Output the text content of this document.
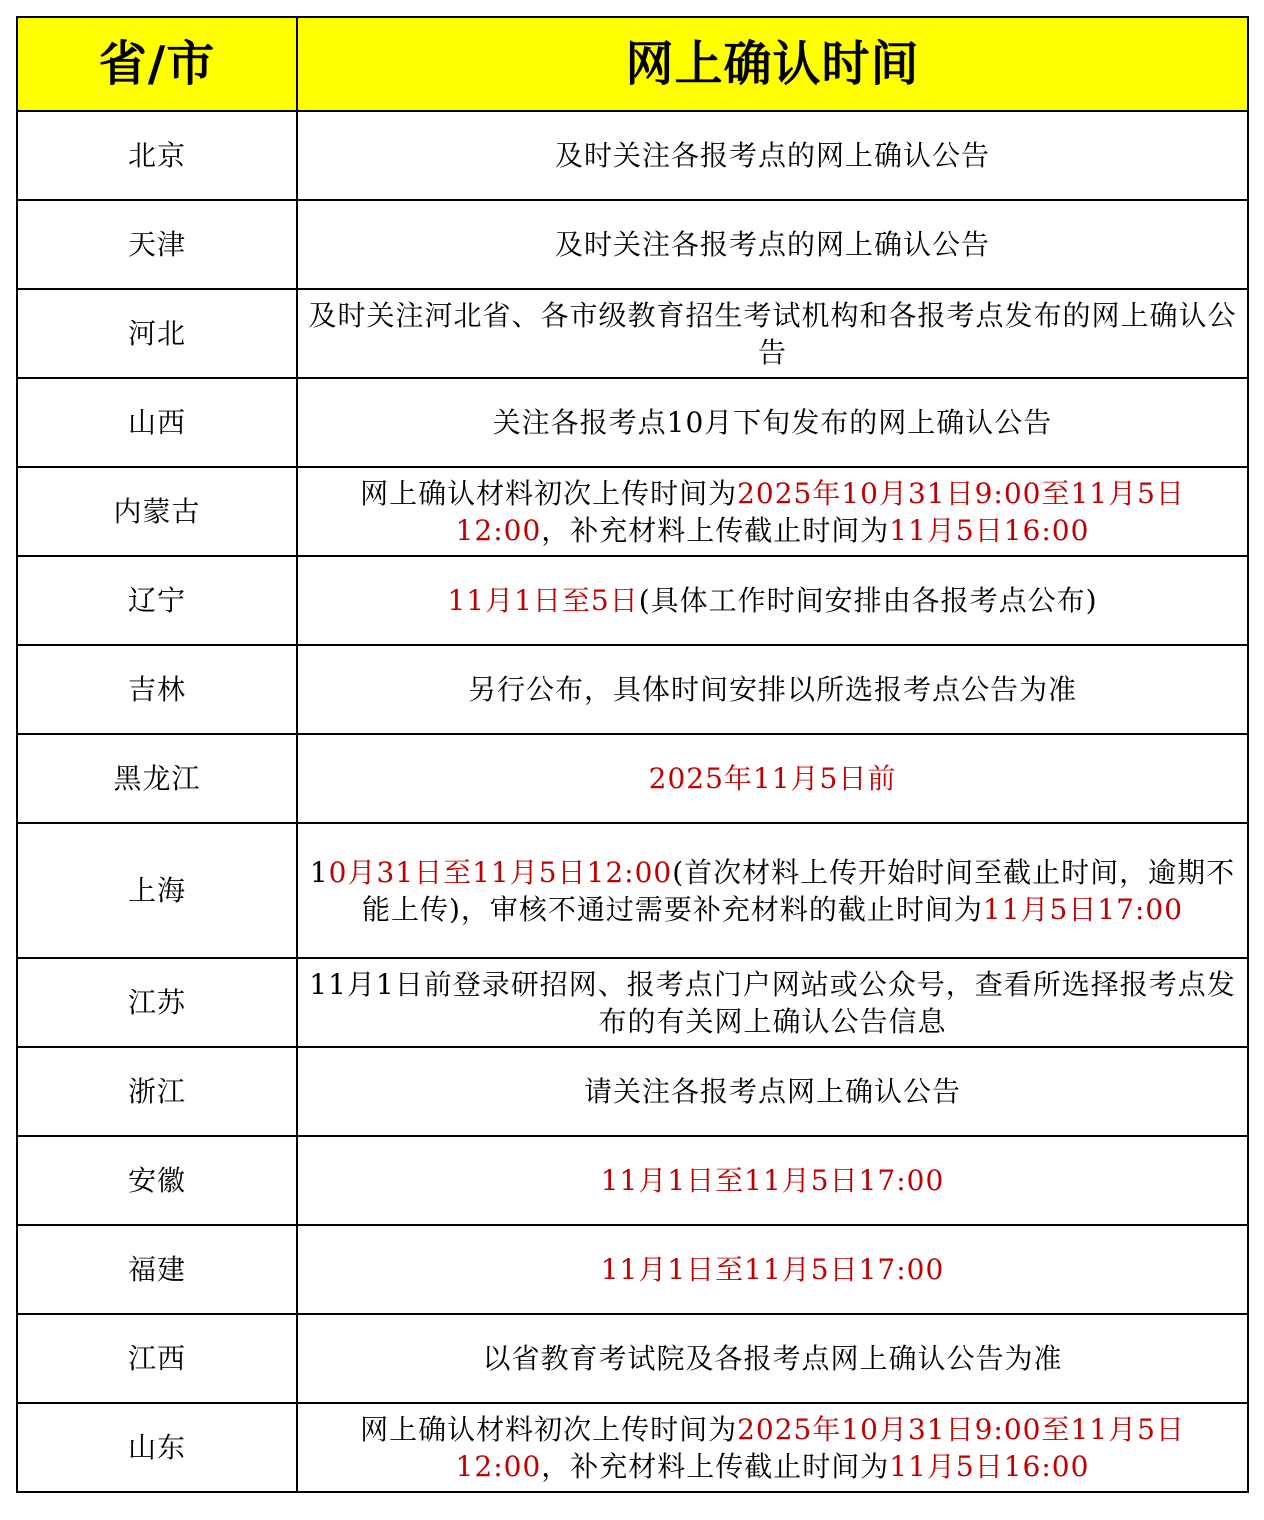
省/市	网上确认时间
北京	及时关注各报考点的网上确认公告
天津	及时关注各报考点的网上确认公告
河北	及时关注河北省、各市级教育招生考试机构和各报考点发布的网上确认公告
山西	关注各报考点10月下旬发布的网上确认公告
内蒙古	网上确认材料初次上传时间为2025年10月31日9:00至11月5日12:00，补充材料上传截止时间为11月5日16:00
辽宁	11月1日至5日(具体工作时间安排由各报考点公布)
吉林	另行公布，具体时间安排以所选报考点公告为准
黑龙江	2025年11月5日前
上海	10月31日至11月5日12:00(首次材料上传开始时间至截止时间，逾期不能上传)，审核不通过需要补充材料的截止时间为11月5日17:00
江苏	11月1日前登录研招网、报考点门户网站或公众号，查看所选择报考点发布的有关网上确认公告信息
浙江	请关注各报考点网上确认公告
安徽	11月1日至11月5日17:00
福建	11月1日至11月5日17:00
江西	以省教育考试院及各报考点网上确认公告为准
山东	网上确认材料初次上传时间为2025年10月31日9:00至11月5日12:00，补充材料上传截止时间为11月5日16:00
